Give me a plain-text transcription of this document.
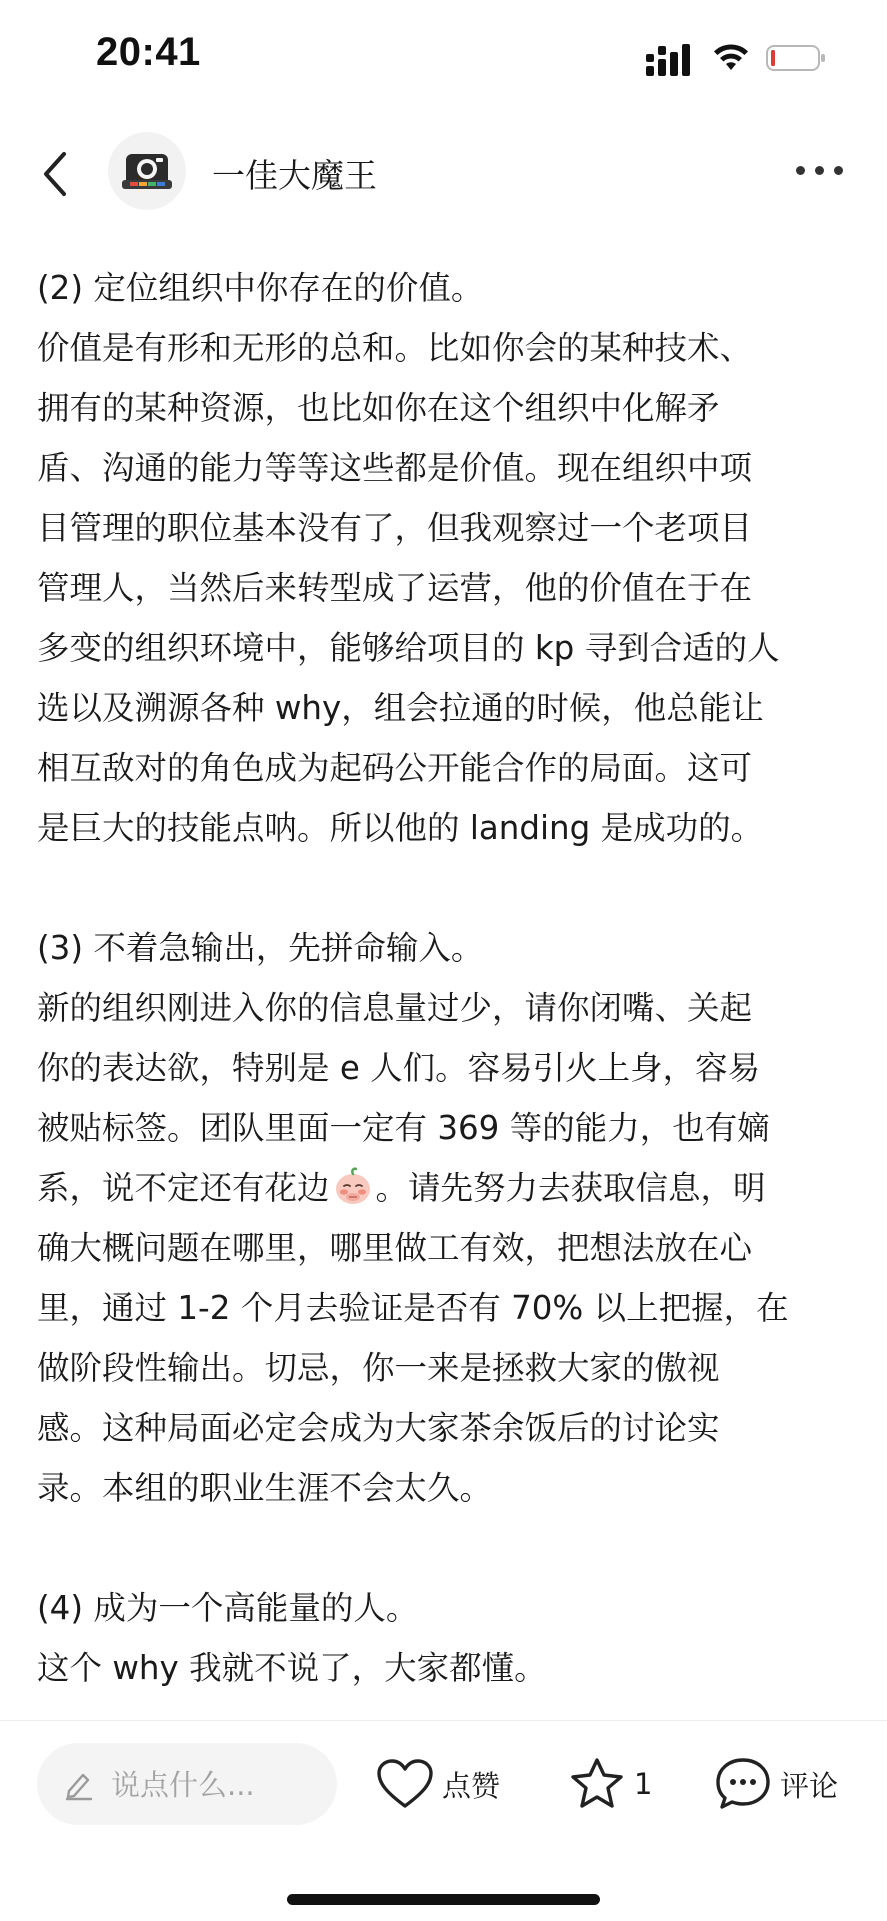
20:41
一佳大魔王
(2) 定位组织中你存在的价值。
价值是有形和无形的总和。比如你会的某种技术、
拥有的某种资源，也比如你在这个组织中化解矛
盾、沟通的能力等等这些都是价值。现在组织中项
目管理的职位基本没有了，但我观察过一个老项目
管理人，当然后来转型成了运营，他的价值在于在
多变的组织环境中，能够给项目的 kp 寻到合适的人
选以及溯源各种 why，组会拉通的时候，他总能让
相互敌对的角色成为起码公开能合作的局面。这可
是巨大的技能点呐。所以他的 landing 是成功的。
(3) 不着急输出，先拼命输入。
新的组织刚进入你的信息量过少，请你闭嘴、关起
你的表达欲，特别是 e 人们。容易引火上身，容易
被贴标签。团队里面一定有 369 等的能力，也有嫡
系，说不定还有花边 。请先努力去获取信息，明
确大概问题在哪里，哪里做工有效，把想法放在心
里，通过 1-2 个月去验证是否有 70% 以上把握，在
做阶段性输出。切忌，你一来是拯救大家的傲视
感。这种局面必定会成为大家茶余饭后的讨论实
录。本组的职业生涯不会太久。
(4) 成为一个高能量的人。
这个 why 我就不说了，大家都懂。
说点什么...	点赞	1	评论
